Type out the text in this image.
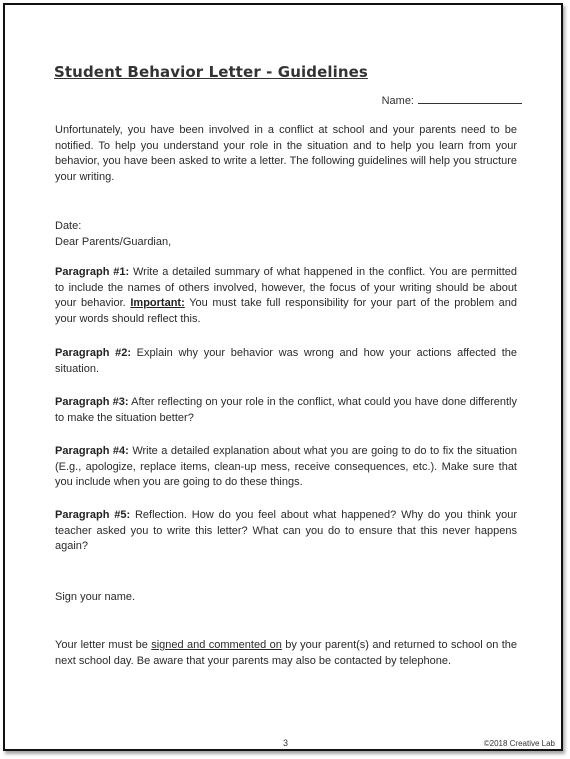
Student Behavior Letter - Guidelines
Name:
Unfortunately, you have been involved in a conflict at school and your parents need to be notified. To help you understand your role in the situation and to help you learn from your behavior, you have been asked to write a letter. The following guidelines will help you structure your writing.
Date:
Dear Parents/Guardian,
Paragraph #1: Write a detailed summary of what happened in the conflict. You are permitted to include the names of others involved, however, the focus of your writing should be about your behavior. Important: You must take full responsibility for your part of the problem and your words should reflect this.
Paragraph #2: Explain why your behavior was wrong and how your actions affected the situation.
Paragraph #3: After reflecting on your role in the conflict, what could you have done differently to make the situation better?
Paragraph #4: Write a detailed explanation about what you are going to do to fix the situation (E.g., apologize, replace items, clean-up mess, receive consequences, etc.). Make sure that you include when you are going to do these things.
Paragraph #5: Reflection. How do you feel about what happened? Why do you think your teacher asked you to write this letter? What can you do to ensure that this never happens again?
Sign your name.
Your letter must be signed and commented on by your parent(s) and returned to school on the next school day. Be aware that your parents may also be contacted by telephone.
3	©2018 Creative Lab
